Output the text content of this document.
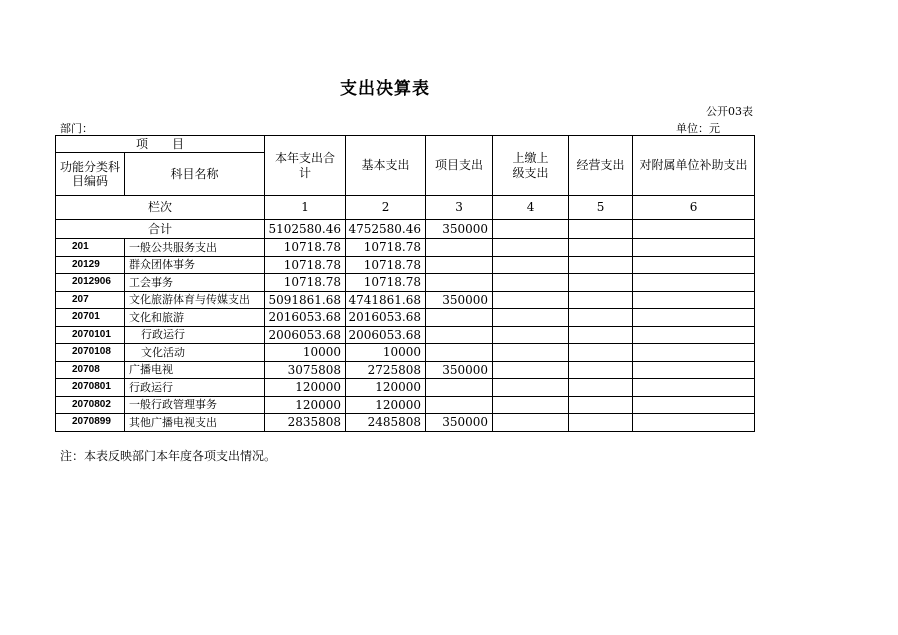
支出决算表
公开03表
部门：	单位：元
项　　目		本年支出合计	基本支出	项目支出	上缴上级支出	经营支出	对附属单位补助支出
功能分类科目编码	科目名称						
栏次		1	2	3	4	5	6
合计		5102580.46	4752580.46	350000			
201	一般公共服务支出	10718.78	10718.78				
20129	群众团体事务	10718.78	10718.78				
2012906	工会事务	10718.78	10718.78				
207	文化旅游体育与传媒支出	5091861.68	4741861.68	350000			
20701	文化和旅游	2016053.68	2016053.68				
2070101	行政运行	2006053.68	2006053.68				
2070108	文化活动	10000	10000				
20708	广播电视	3075808	2725808	350000			
2070801	行政运行	120000	120000				
2070802	一般行政管理事务	120000	120000				
2070899	其他广播电视支出	2835808	2485808	350000			
注：本表反映部门本年度各项支出情况。
